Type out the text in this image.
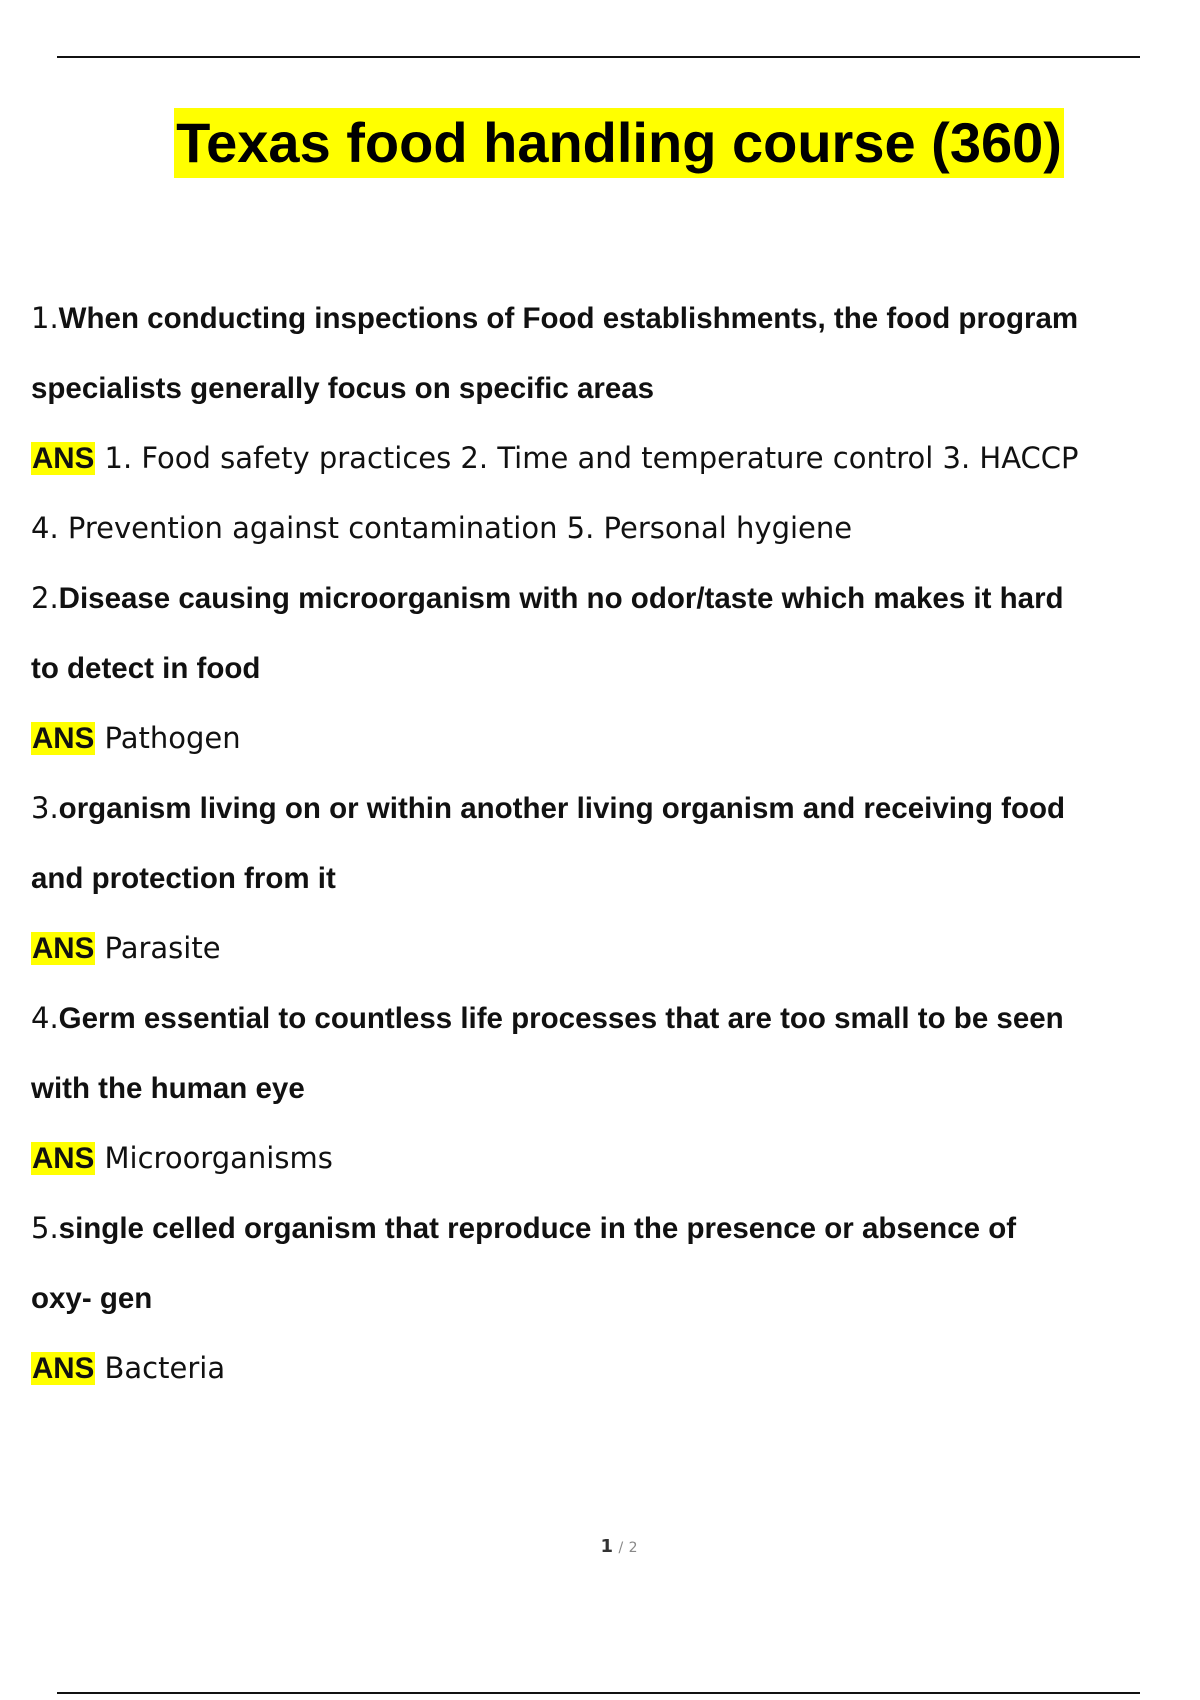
Texas food handling course (360)
1.When conducting inspections of Food establishments, the food program
specialists generally focus on specific areas
ANS 1. Food safety practices 2. Time and temperature control 3. HACCP
4. Prevention against contamination 5. Personal hygiene
2.Disease causing microorganism with no odor/taste which makes it hard
to detect in food
ANS Pathogen
3.organism living on or within another living organism and receiving food
and protection from it
ANS Parasite
4.Germ essential to countless life processes that are too small to be seen
with the human eye
ANS Microorganisms
5.single celled organism that reproduce in the presence or absence of
oxy- gen
ANS Bacteria
1 / 2
